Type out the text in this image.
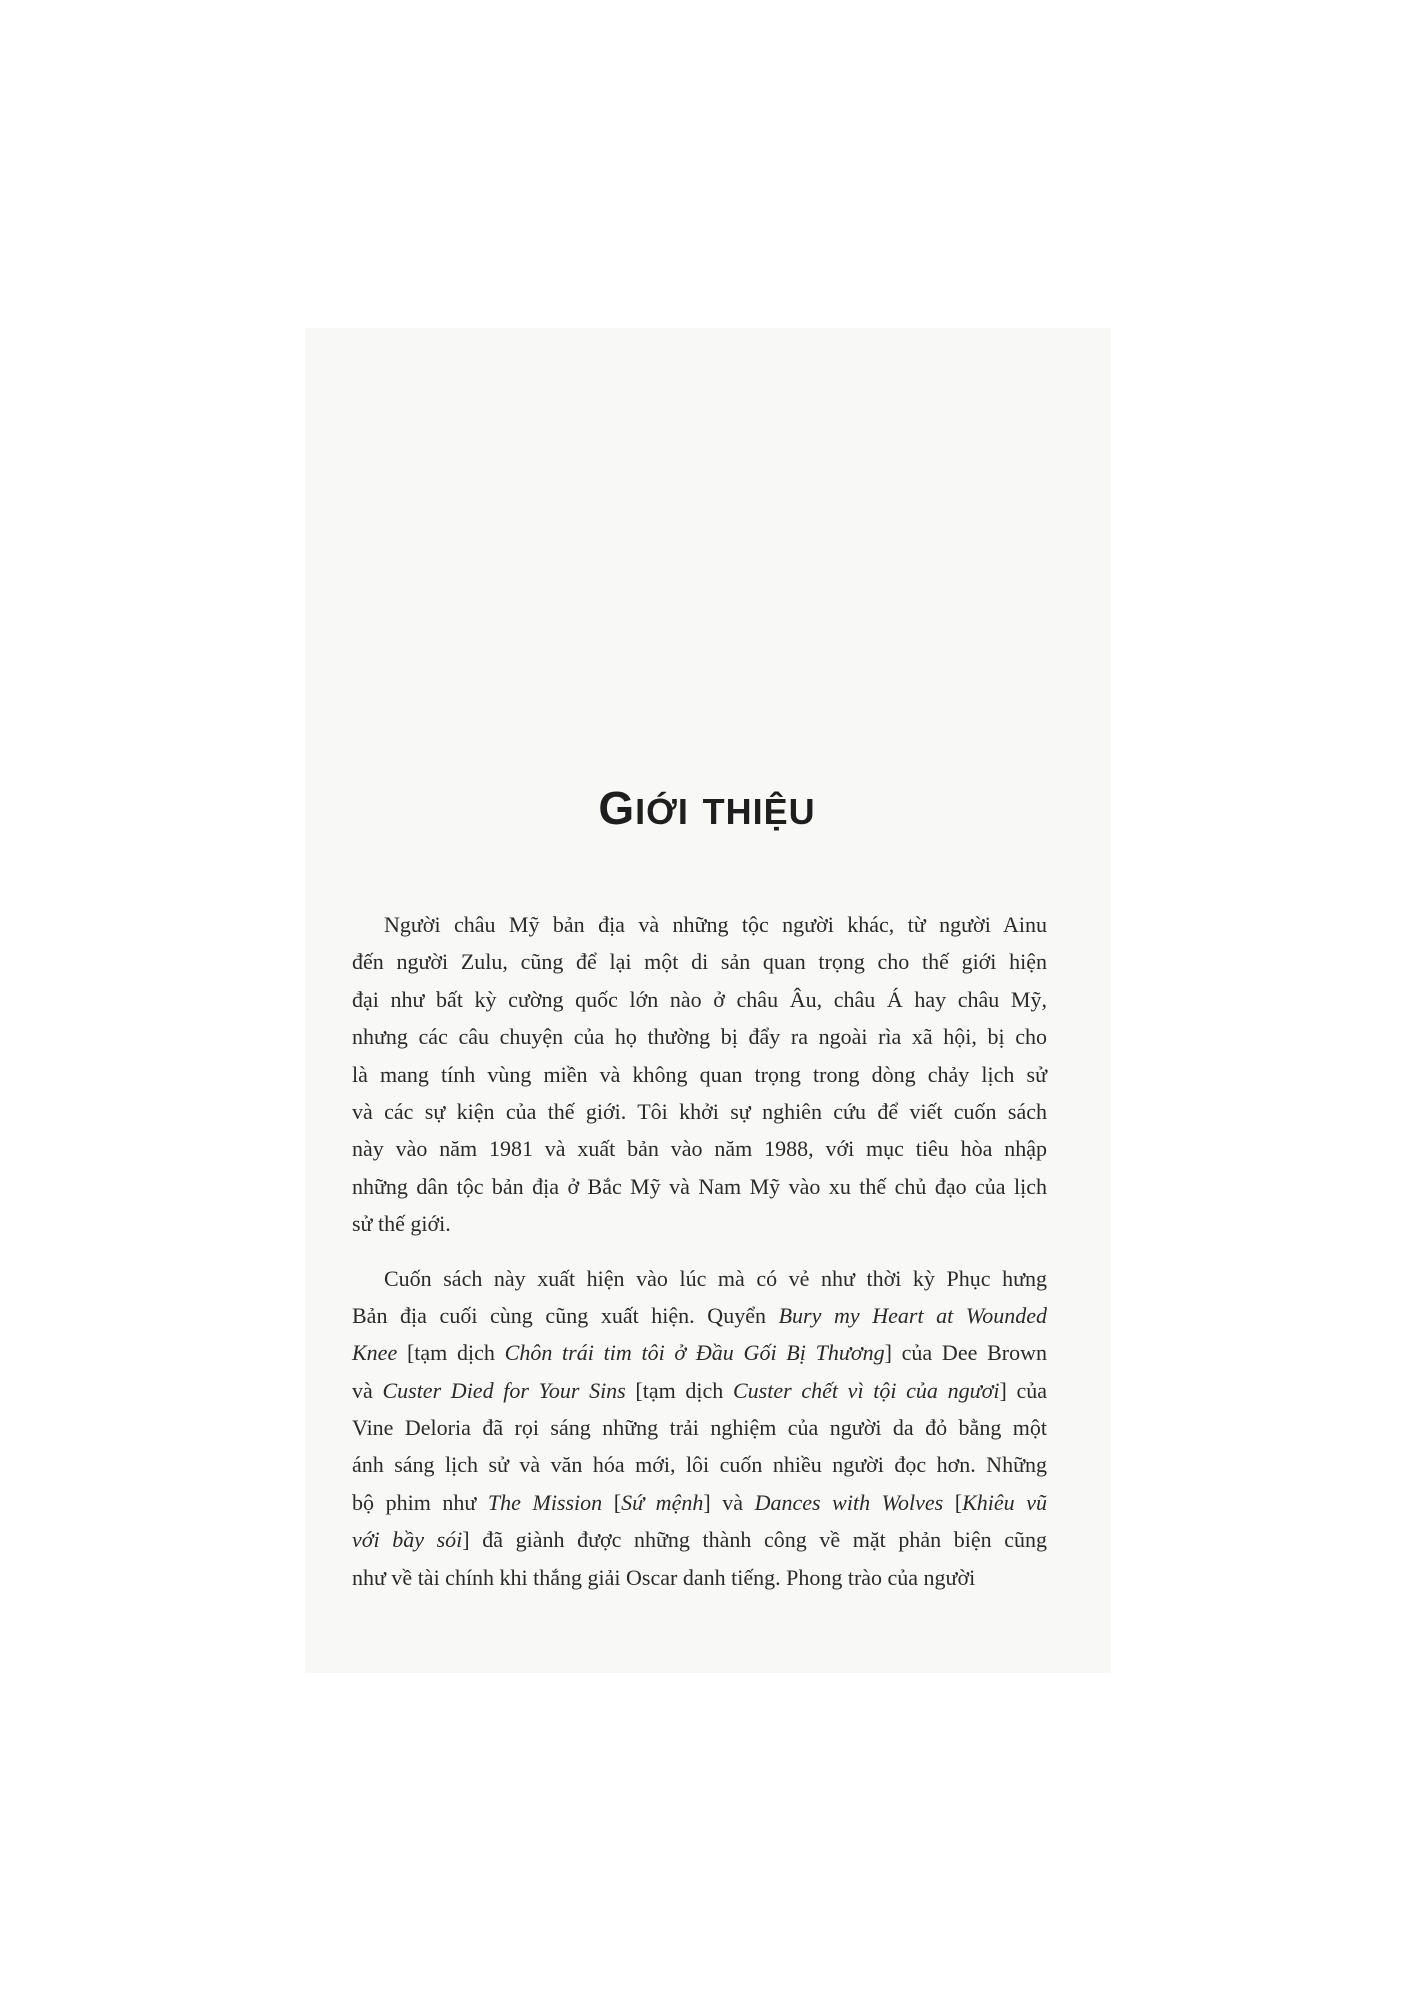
GIỚI THIỆU
Người châu Mỹ bản địa và những tộc người khác, từ người Ainu
đến người Zulu, cũng để lại một di sản quan trọng cho thế giới hiện
đại như bất kỳ cường quốc lớn nào ở châu Âu, châu Á hay châu Mỹ,
nhưng các câu chuyện của họ thường bị đẩy ra ngoài rìa xã hội, bị cho
là mang tính vùng miền và không quan trọng trong dòng chảy lịch sử
và các sự kiện của thế giới. Tôi khởi sự nghiên cứu để viết cuốn sách
này vào năm 1981 và xuất bản vào năm 1988, với mục tiêu hòa nhập
những dân tộc bản địa ở Bắc Mỹ và Nam Mỹ vào xu thế chủ đạo của lịch
sử thế giới.
Cuốn sách này xuất hiện vào lúc mà có vẻ như thời kỳ Phục hưng
Bản địa cuối cùng cũng xuất hiện. Quyển Bury my Heart at Wounded
Knee [tạm dịch Chôn trái tim tôi ở Đầu Gối Bị Thương] của Dee Brown
và Custer Died for Your Sins [tạm dịch Custer chết vì tội của ngươi] của
Vine Deloria đã rọi sáng những trải nghiệm của người da đỏ bằng một
ánh sáng lịch sử và văn hóa mới, lôi cuốn nhiều người đọc hơn. Những
bộ phim như The Mission [Sứ mệnh] và Dances with Wolves [Khiêu vũ
với bầy sói] đã giành được những thành công về mặt phản biện cũng
như về tài chính khi thắng giải Oscar danh tiếng. Phong trào của người
